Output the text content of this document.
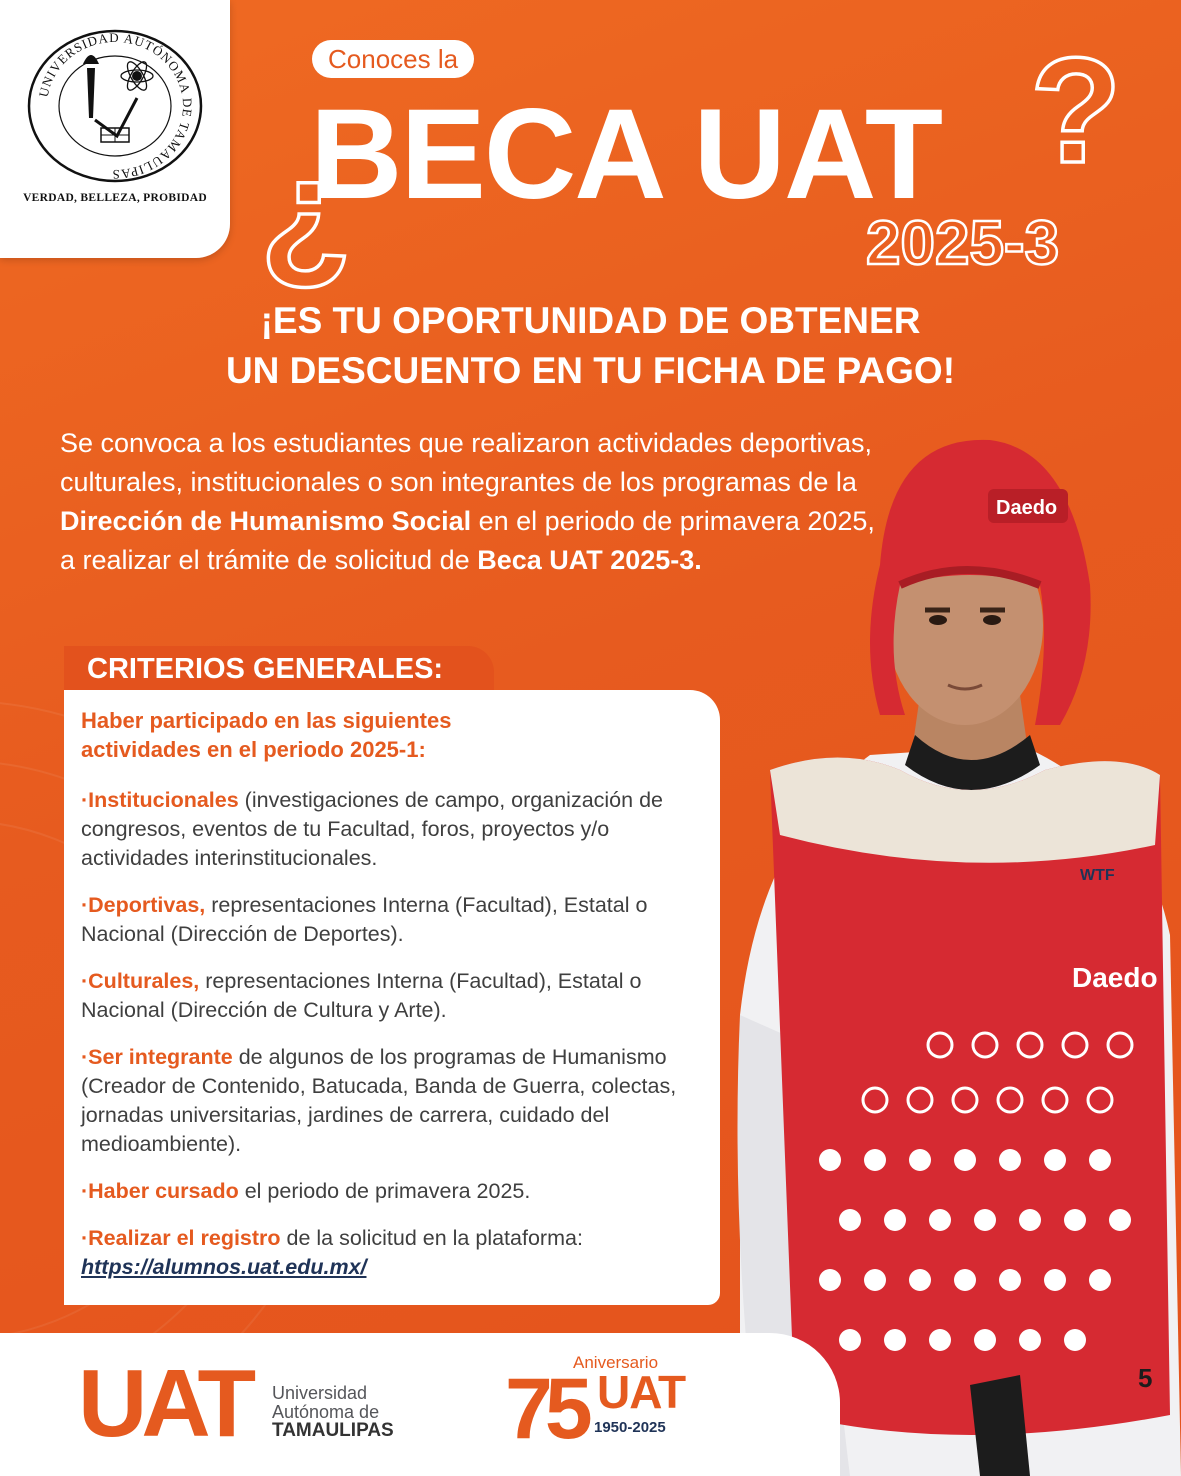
UNIVERSIDAD AUTÓNOMA DE TAMAULIPAS
VERDAD, BELLEZA, PROBIDAD
Conoces la
¿
?
BECA UAT
2025-3
¡ES TU OPORTUNIDAD DE OBTENER
UN DESCUENTO EN TU FICHA DE PAGO!
Se convoca a los estudiantes que realizaron actividades deportivas, culturales, institucionales o son integrantes de los programas de la Dirección de Humanismo Social en el periodo de primavera 2025, a realizar el trámite de solicitud de Beca UAT 2025-3.
Daedo
WTF
Daedo
5
CRITERIOS GENERALES:
Haber participado en las siguientes actividades en el periodo 2025-1:
·Institucionales (investigaciones de campo, organización de congresos, eventos de tu Facultad, foros, proyectos y/o actividades interinstitucionales.
·Deportivas, representaciones Interna (Facultad), Estatal o Nacional (Dirección de Deportes).
·Culturales, representaciones Interna (Facultad), Estatal o Nacional (Dirección de Cultura y Arte).
·Ser integrante de algunos de los programas de Humanismo (Creador de Contenido, Batucada, Banda de Guerra, colectas, jornadas universitarias, jardines de carrera, cuidado del medioambiente).
·Haber cursado el periodo de primavera 2025.
·Realizar el registro de la solicitud en la plataforma:
https://alumnos.uat.edu.mx/
UAT Universidad
Autónoma de
TAMAULIPAS 75
Aniversario
UAT
1950-2025
